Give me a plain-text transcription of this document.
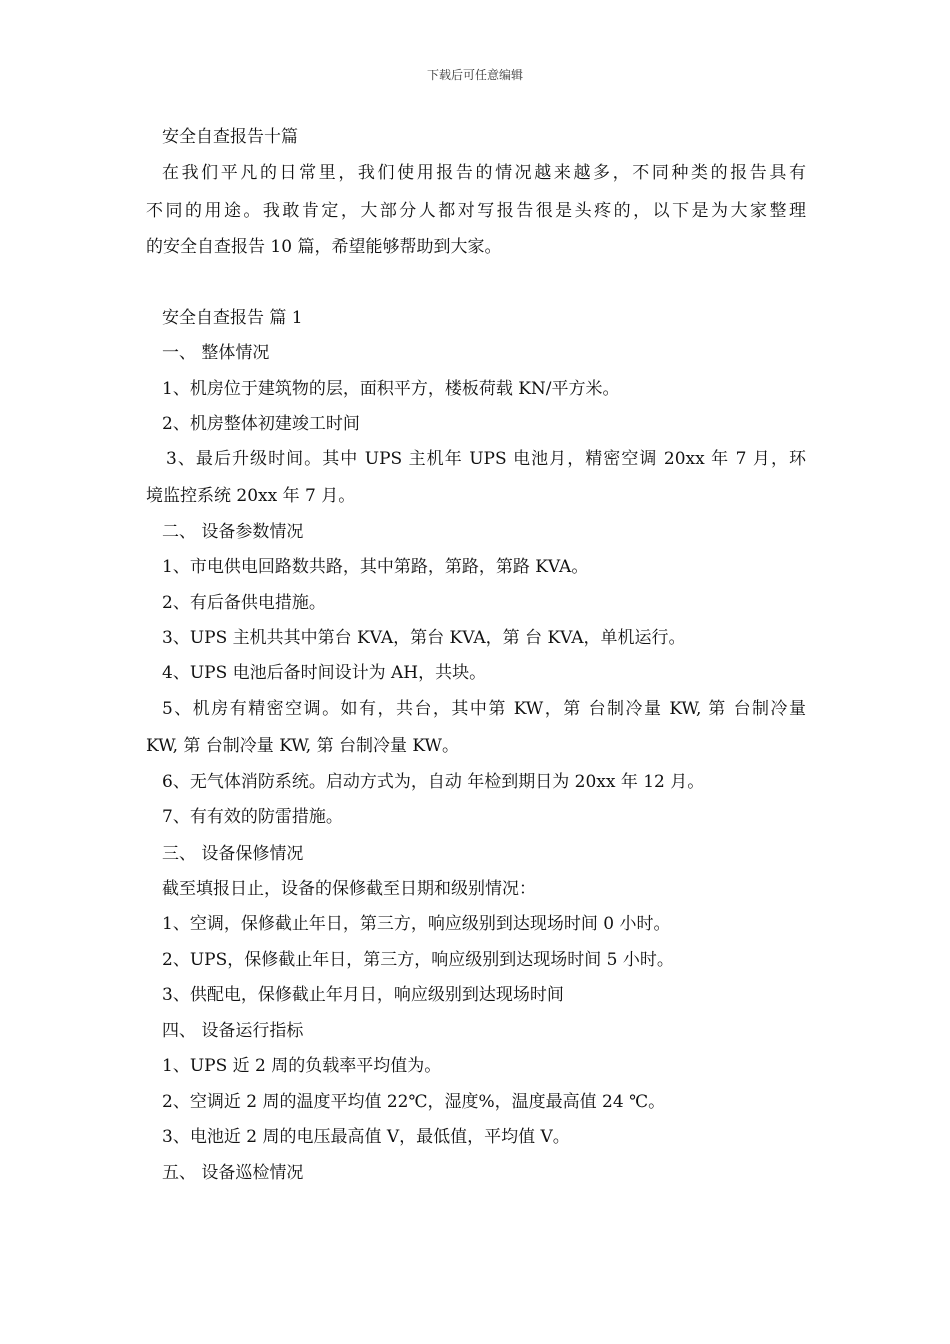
下载后可任意编辑
安全自查报告十篇
在我们平凡的日常里，我们使用报告的情况越来越多，不同种类的报告具有
不同的用途。我敢肯定，大部分人都对写报告很是头疼的，以下是为大家整理
的安全自查报告 10 篇，希望能够帮助到大家。
安全自查报告 篇 1
一、 整体情况
1、机房位于建筑物的层，面积平方，楼板荷载 KN/平方米。
2、机房整体初建竣工时间
3、最后升级时间。其中 UPS 主机年 UPS 电池月，精密空调 20xx 年 7 月，环
境监控系统 20xx 年 7 月。
二、 设备参数情况
1、市电供电回路数共路，其中第路，第路，第路 KVA。
2、有后备供电措施。
3、UPS 主机共其中第台 KVA，第台 KVA，第 台 KVA，单机运行。
4、UPS 电池后备时间设计为 AH，共块。
5、机房有精密空调。如有，共台，其中第 KW，第 台制冷量 KW, 第 台制冷量
KW, 第 台制冷量 KW, 第 台制冷量 KW。
6、无气体消防系统。启动方式为，自动 年检到期日为 20xx 年 12 月。
7、有有效的防雷措施。
三、 设备保修情况
截至填报日止，设备的保修截至日期和级别情况：
1、空调，保修截止年日，第三方，响应级别到达现场时间 0 小时。
2、UPS，保修截止年日，第三方，响应级别到达现场时间 5 小时。
3、供配电，保修截止年月日，响应级别到达现场时间
四、 设备运行指标
1、UPS 近 2 周的负载率平均值为。
2、空调近 2 周的温度平均值 22℃，湿度%，温度最高值 24 ℃。
3、电池近 2 周的电压最高值 V，最低值，平均值 V。
五、 设备巡检情况
